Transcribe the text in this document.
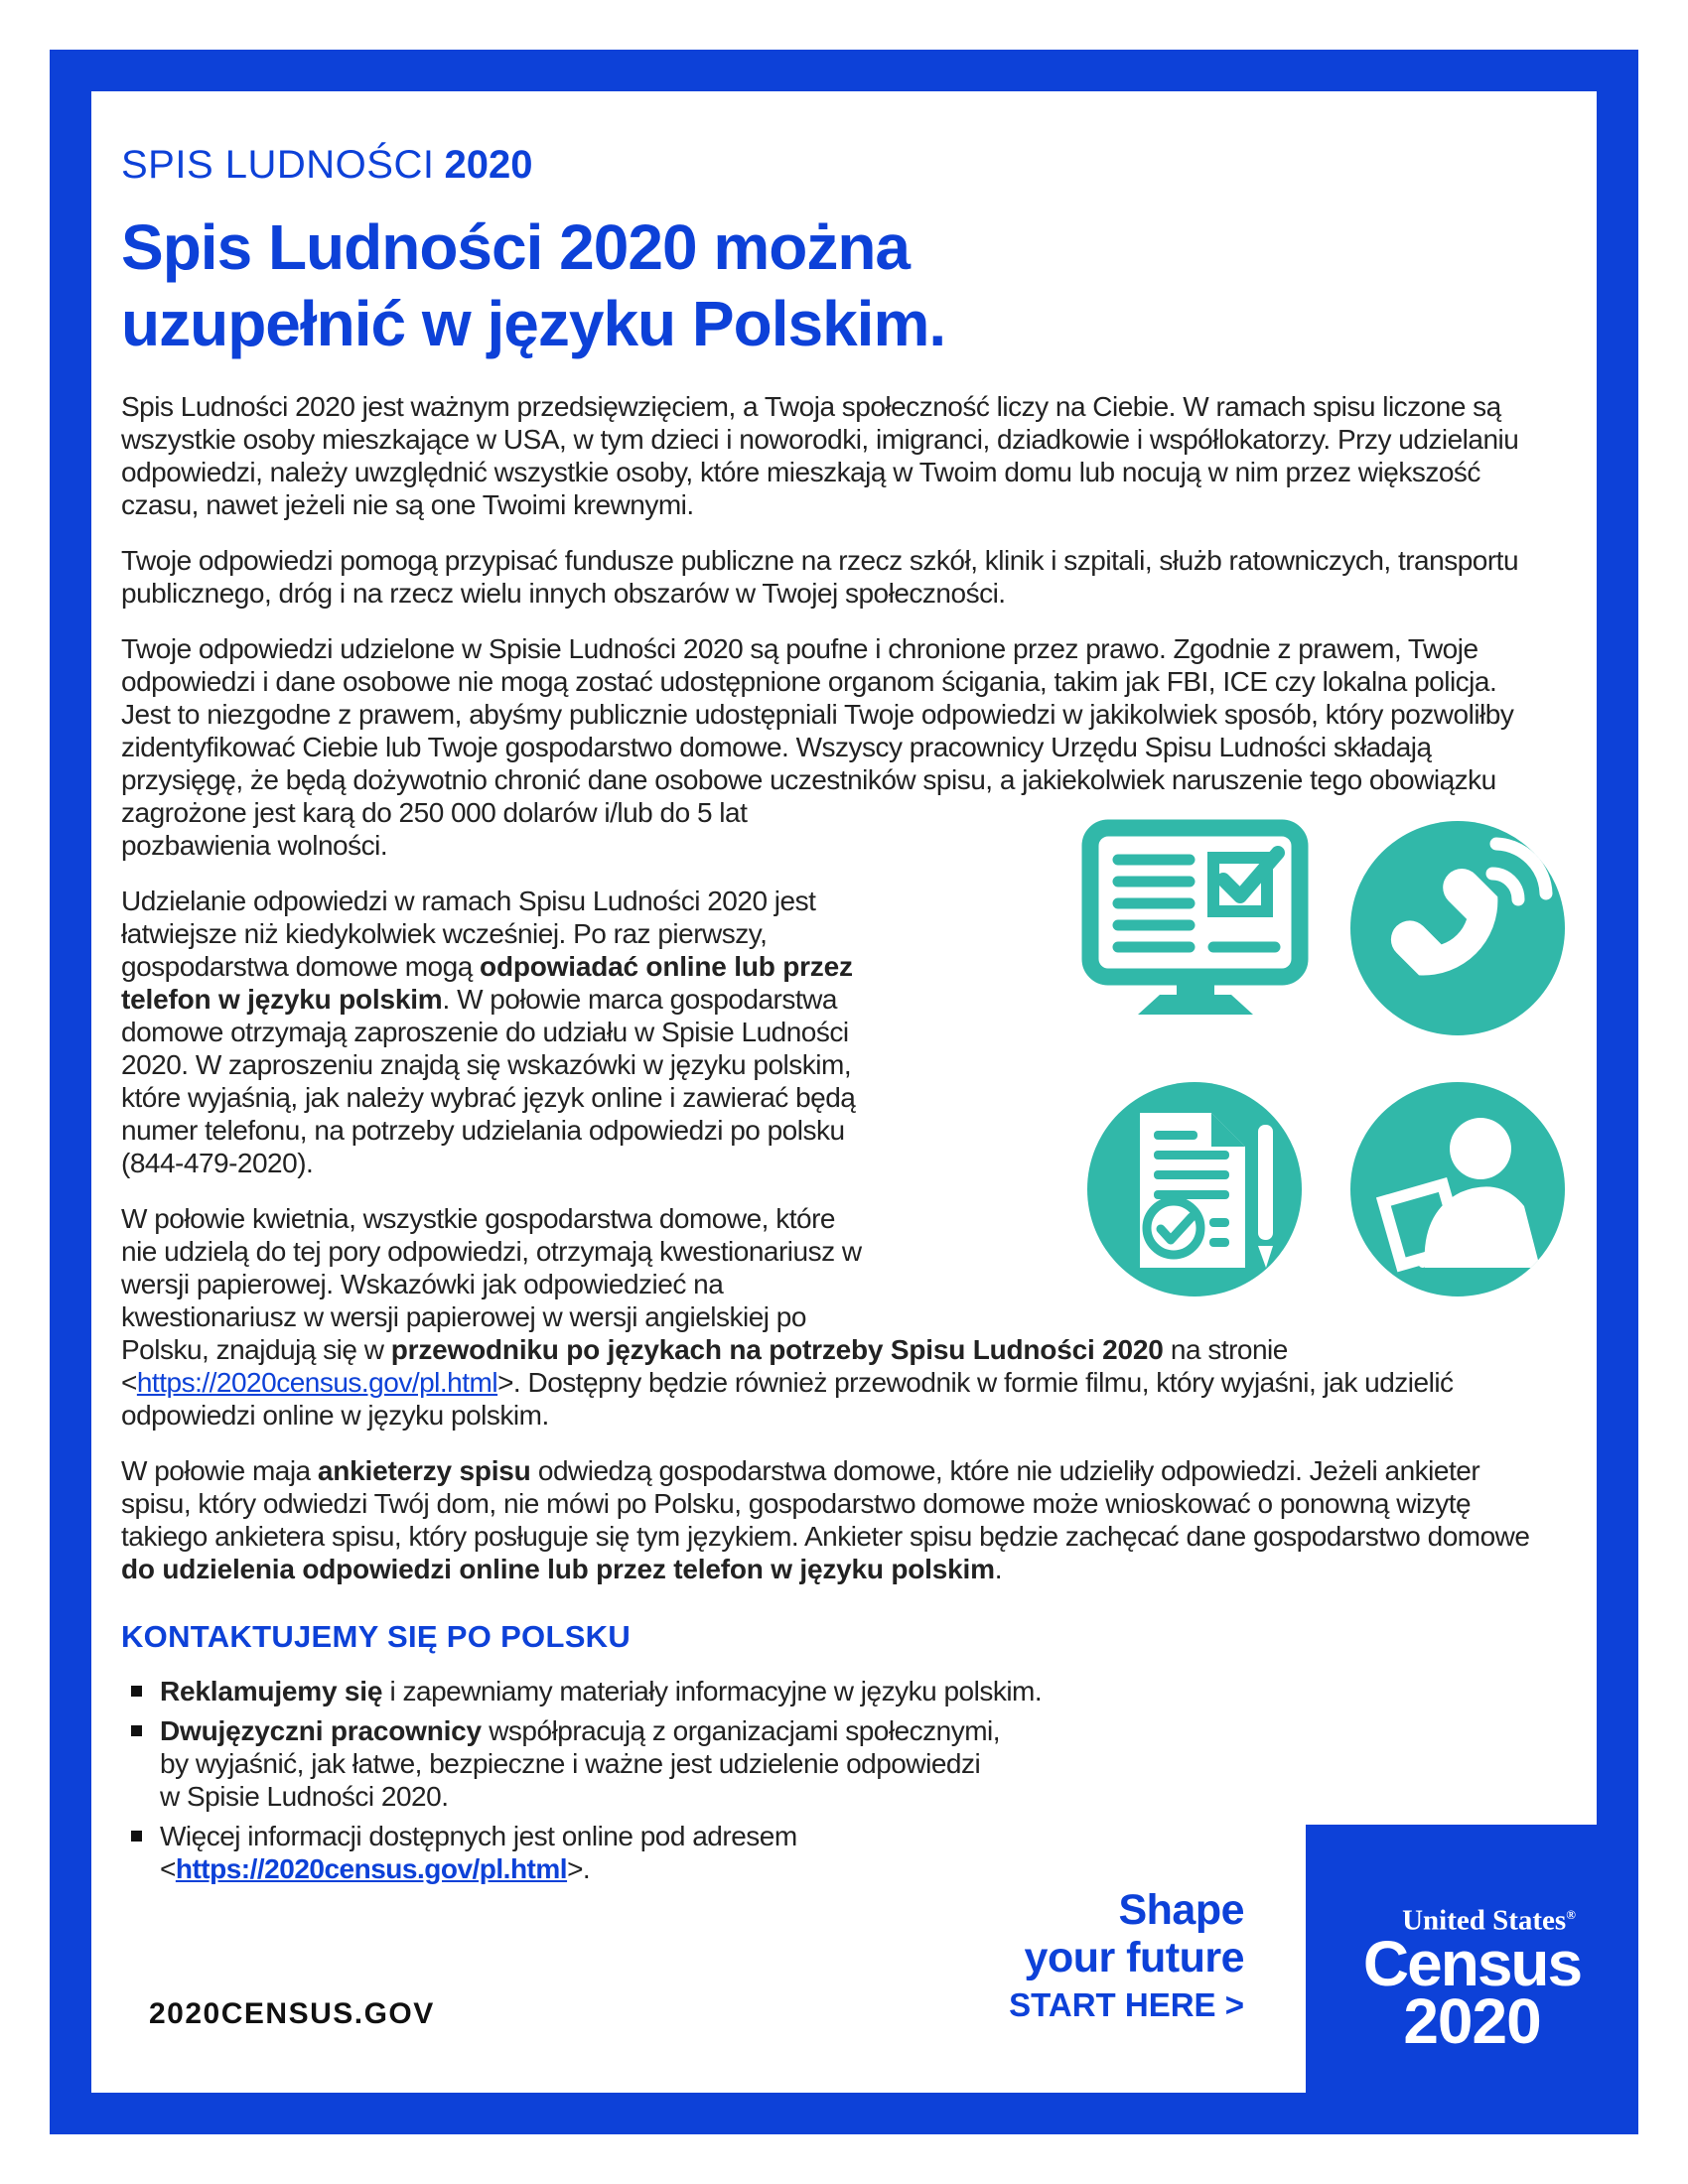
SPIS LUDNOŚCI 2020
Spis Ludności 2020 można
uzupełnić w języku Polskim.
Spis Ludności 2020 jest ważnym przedsięwzięciem, a Twoja społeczność liczy na Ciebie. W ramach spisu liczone są wszystkie osoby mieszkające w USA, w tym dzieci i noworodki, imigranci, dziadkowie i współlokatorzy. Przy udzielaniu odpowiedzi, należy uwzględnić wszystkie osoby, które mieszkają w Twoim domu lub nocują w nim przez większość czasu, nawet jeżeli nie są one Twoimi krewnymi.
Twoje odpowiedzi pomogą przypisać fundusze publiczne na rzecz szkół, klinik i szpitali, służb ratowniczych, transportu publicznego, dróg i na rzecz wielu innych obszarów w Twojej społeczności.
Twoje odpowiedzi udzielone w Spisie Ludności 2020 są poufne i chronione przez prawo. Zgodnie z prawem, Twoje odpowiedzi i dane osobowe nie mogą zostać udostępnione organom ścigania, takim jak FBI, ICE czy lokalna policja. Jest to niezgodne z prawem, abyśmy publicznie udostępniali Twoje odpowiedzi w jakikolwiek sposób, który pozwoliłby zidentyfikować Ciebie lub Twoje gospodarstwo domowe. Wszyscy pracownicy Urzędu Spisu Ludności składają przysięgę, że będą dożywotnio chronić dane osobowe uczestników spisu, a jakiekolwiek naruszenie tego obowiązku
zagrożone jest karą do 250 000 dolarów i/lub do 5 lat pozbawienia wolności.
Udzielanie odpowiedzi w ramach Spisu Ludności 2020 jest łatwiejsze niż kiedykolwiek wcześniej. Po raz pierwszy, gospodarstwa domowe mogą odpowiadać online lub przez telefon w języku polskim. W połowie marca gospodarstwa domowe otrzymają zaproszenie do udziału w Spisie Ludności 2020. W zaproszeniu znajdą się wskazówki w języku polskim, które wyjaśnią, jak należy wybrać język online i zawierać będą numer telefonu, na potrzeby udzielania odpowiedzi po polsku (844-479-2020).
W połowie kwietnia, wszystkie gospodarstwa domowe, które nie udzielą do tej pory odpowiedzi, otrzymają kwestionariusz w wersji papierowej. Wskazówki jak odpowiedzieć na kwestionariusz w wersji papierowej w wersji angielskiej po Polsku, znajdują się w przewodniku po językach na potrzeby Spisu Ludności 2020 na stronie <https://2020census.gov/pl.html>. Dostępny będzie również przewodnik w formie filmu, który wyjaśni, jak udzielić odpowiedzi online w języku polskim.
W połowie maja ankieterzy spisu odwiedzą gospodarstwa domowe, które nie udzieliły odpowiedzi. Jeżeli ankieter spisu, który odwiedzi Twój dom, nie mówi po Polsku, gospodarstwo domowe może wnioskować o ponowną wizytę takiego ankietera spisu, który posługuje się tym językiem. Ankieter spisu będzie zachęcać dane gospodarstwo domowe do udzielenia odpowiedzi online lub przez telefon w języku polskim.
KONTAKTUJEMY SIĘ PO POLSKU
Reklamujemy się i zapewniamy materiały informacyjne w języku polskim.
Dwujęzyczni pracownicy współpracują z organizacjami społecznymi,
by wyjaśnić, jak łatwe, bezpieczne i ważne jest udzielenie odpowiedzi
w Spisie Ludności 2020.
Więcej informacji dostępnych jest online pod adresem
<https://2020census.gov/pl.html>.
2020CENSUS.GOV
Shape
your future
START HERE >
United States®
Census
2020
